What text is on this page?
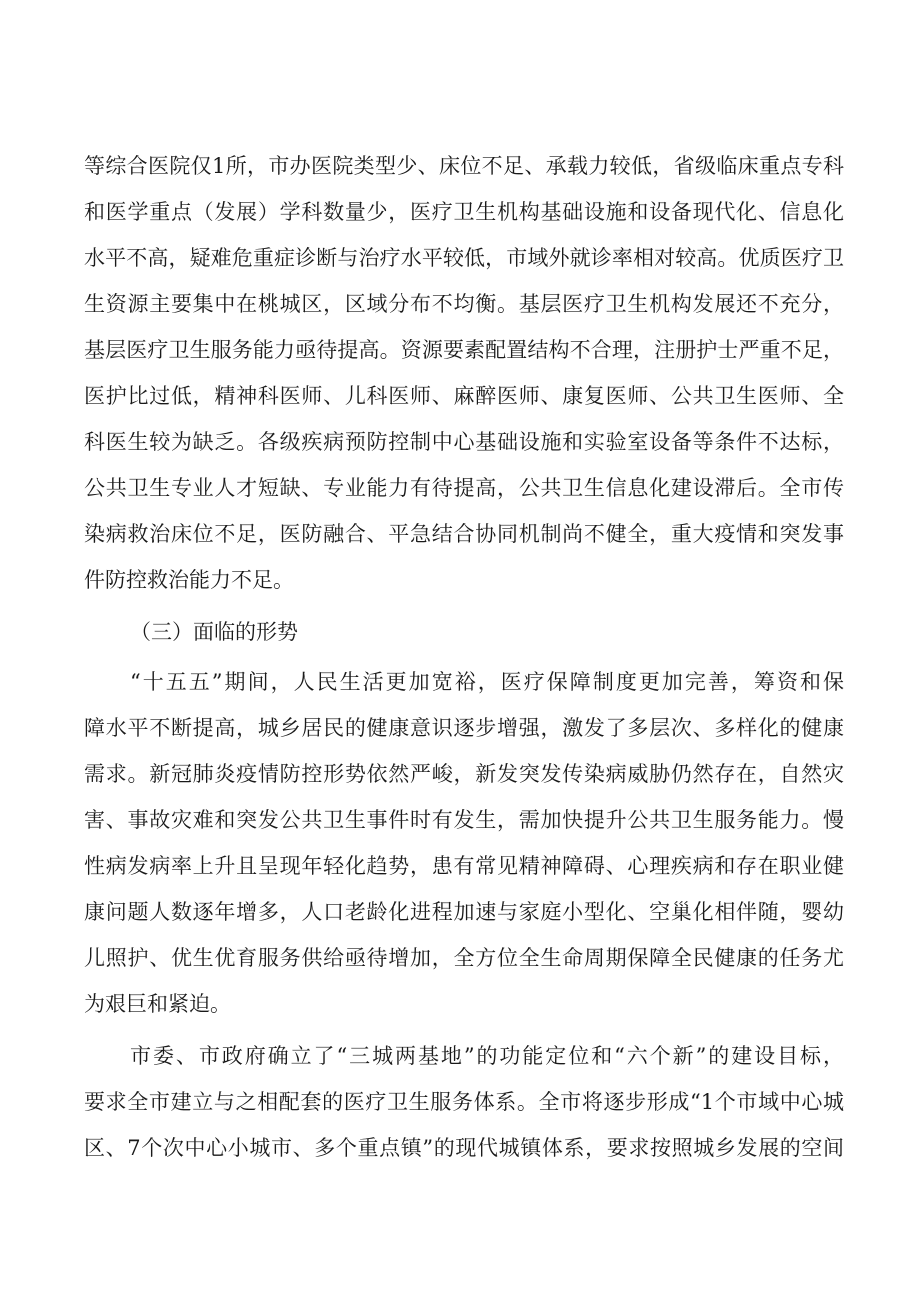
等综合医院仅1所，市办医院类型少、床位不足、承载力较低，省级临床重点专科
和医学重点（发展）学科数量少，医疗卫生机构基础设施和设备现代化、信息化
水平不高，疑难危重症诊断与治疗水平较低，市域外就诊率相对较高。优质医疗卫
生资源主要集中在桃城区，区域分布不均衡。基层医疗卫生机构发展还不充分，
基层医疗卫生服务能力亟待提高。资源要素配置结构不合理，注册护士严重不足，
医护比过低，精神科医师、儿科医师、麻醉医师、康复医师、公共卫生医师、全
科医生较为缺乏。各级疾病预防控制中心基础设施和实验室设备等条件不达标，
公共卫生专业人才短缺、专业能力有待提高，公共卫生信息化建设滞后。全市传
染病救治床位不足，医防融合、平急结合协同机制尚不健全，重大疫情和突发事
件防控救治能力不足。
（三）面临的形势
“十五五”期间，人民生活更加宽裕，医疗保障制度更加完善，筹资和保
障水平不断提高，城乡居民的健康意识逐步增强，激发了多层次、多样化的健康
需求。新冠肺炎疫情防控形势依然严峻，新发突发传染病威胁仍然存在，自然灾
害、事故灾难和突发公共卫生事件时有发生，需加快提升公共卫生服务能力。慢
性病发病率上升且呈现年轻化趋势，患有常见精神障碍、心理疾病和存在职业健
康问题人数逐年增多，人口老龄化进程加速与家庭小型化、空巢化相伴随，婴幼
儿照护、优生优育服务供给亟待增加，全方位全生命周期保障全民健康的任务尤
为艰巨和紧迫。
市委、市政府确立了“三城两基地”的功能定位和“六个新”的建设目标，
要求全市建立与之相配套的医疗卫生服务体系。全市将逐步形成“1个市域中心城
区、7个次中心小城市、多个重点镇”的现代城镇体系，要求按照城乡发展的空间
